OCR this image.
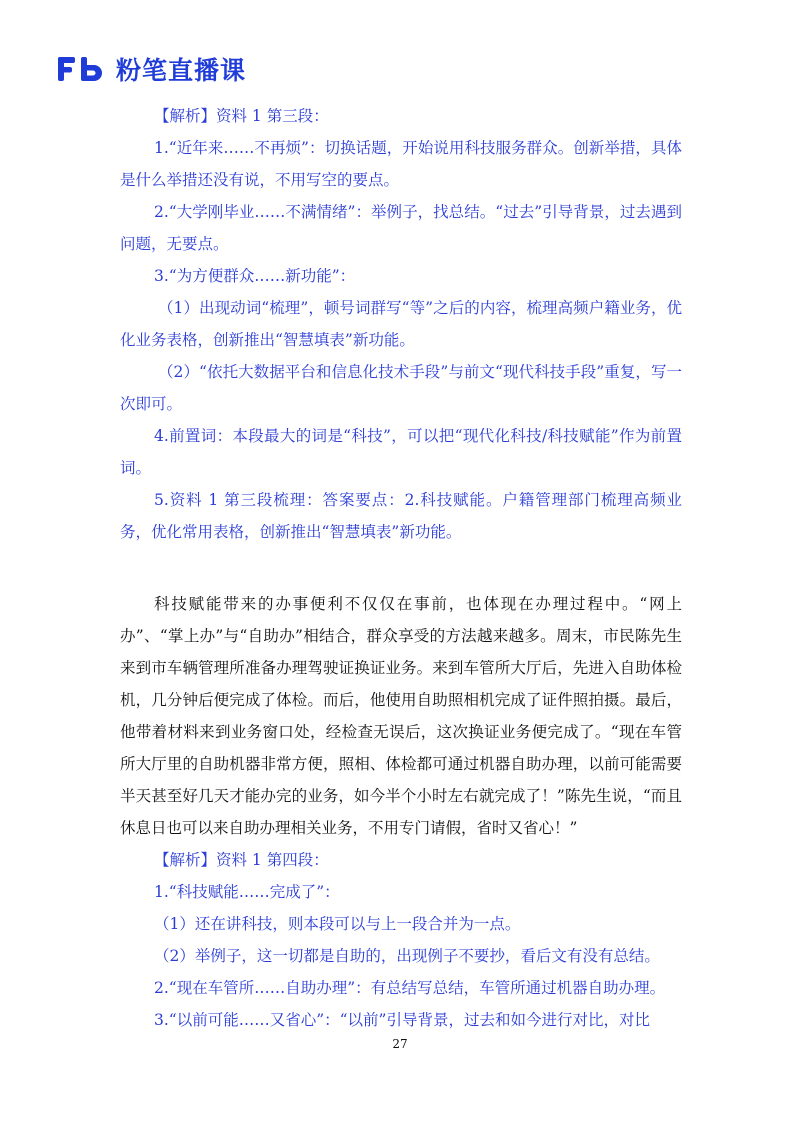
粉笔直播课

【解析】资料 1 第三段：

1.“近年来……不再烦”：切换话题，开始说用科技服务群众。创新举措，具体是什么举措还没有说，不用写空的要点。

2.“大学刚毕业……不满情绪”：举例子，找总结。“过去”引导背景，过去遇到问题，无要点。

3.“为方便群众……新功能”：

（1）出现动词“梳理”，顿号词群写“等”之后的内容，梳理高频户籍业务，优化业务表格，创新推出“智慧填表”新功能。

（2）“依托大数据平台和信息化技术手段”与前文“现代科技手段”重复，写一次即可。

4.前置词：本段最大的词是“科技”，可以把“现代化科技/科技赋能”作为前置词。

5.资料 1 第三段梳理：答案要点：2.科技赋能。户籍管理部门梳理高频业务，优化常用表格，创新推出“智慧填表”新功能。

科技赋能带来的办事便利不仅仅在事前，也体现在办理过程中。“网上办”、“掌上办”与“自助办”相结合，群众享受的方法越来越多。周末，市民陈先生来到市车辆管理所准备办理驾驶证换证业务。来到车管所大厅后，先进入自助体检机，几分钟后便完成了体检。而后，他使用自助照相机完成了证件照拍摄。最后，他带着材料来到业务窗口处，经检查无误后，这次换证业务便完成了。“现在车管所大厅里的自助机器非常方便，照相、体检都可通过机器自助办理，以前可能需要半天甚至好几天才能办完的业务，如今半个小时左右就完成了！”陈先生说，“而且休息日也可以来自助办理相关业务，不用专门请假，省时又省心！”

【解析】资料 1 第四段：

1.“科技赋能……完成了”：

（1）还在讲科技，则本段可以与上一段合并为一点。

（2）举例子，这一切都是自助的，出现例子不要抄，看后文有没有总结。

2.“现在车管所……自助办理”：有总结写总结，车管所通过机器自助办理。

3.“以前可能……又省心”：“以前”引导背景，过去和如今进行对比，对比

27
